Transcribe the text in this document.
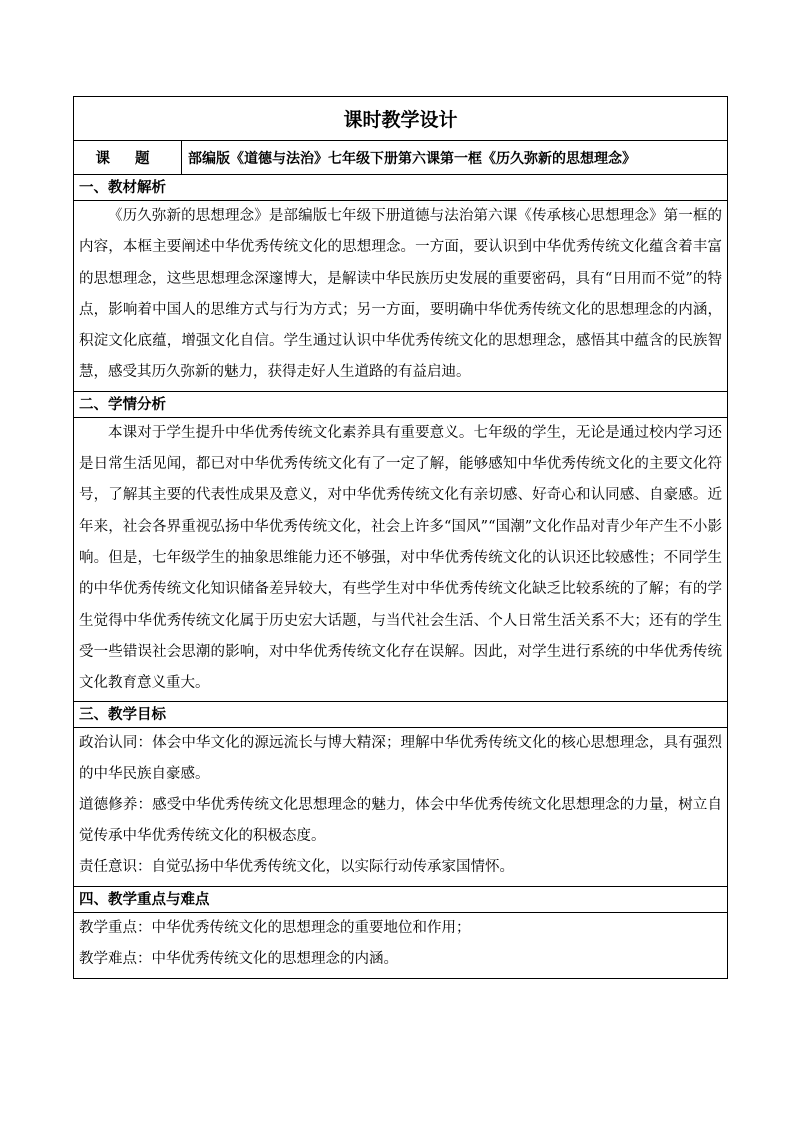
课时教学设计
课 题	部编版《道德与法治》七年级下册第六课第一框《历久弥新的思想理念》
一、教材解析

《历久弥新的思想理念》是部编版七年级下册道德与法治第六课《传承核心思想理念》第一框的内容，本框主要阐述中华优秀传统文化的思想理念。一方面，要认识到中华优秀传统文化蕴含着丰富的思想理念，这些思想理念深邃博大，是解读中华民族历史发展的重要密码，具有“日用而不觉”的特点，影响着中国人的思维方式与行为方式；另一方面，要明确中华优秀传统文化的思想理念的内涵，积淀文化底蕴，增强文化自信。学生通过认识中华优秀传统文化的思想理念，感悟其中蕴含的民族智慧，感受其历久弥新的魅力，获得走好人生道路的有益启迪。

二、学情分析

本课对于学生提升中华优秀传统文化素养具有重要意义。七年级的学生，无论是通过校内学习还是日常生活见闻，都已对中华优秀传统文化有了一定了解，能够感知中华优秀传统文化的主要文化符号，了解其主要的代表性成果及意义，对中华优秀传统文化有亲切感、好奇心和认同感、自豪感。近年来，社会各界重视弘扬中华优秀传统文化，社会上许多“国风”“国潮”文化作品对青少年产生不小影响。但是，七年级学生的抽象思维能力还不够强，对中华优秀传统文化的认识还比较感性；不同学生的中华优秀传统文化知识储备差异较大，有些学生对中华优秀传统文化缺乏比较系统的了解；有的学生觉得中华优秀传统文化属于历史宏大话题，与当代社会生活、个人日常生活关系不大；还有的学生受一些错误社会思潮的影响，对中华优秀传统文化存在误解。因此，对学生进行系统的中华优秀传统文化教育意义重大。

三、教学目标

政治认同：体会中华文化的源远流长与博大精深；理解中华优秀传统文化的核心思想理念，具有强烈的中华民族自豪感。

道德修养：感受中华优秀传统文化思想理念的魅力，体会中华优秀传统文化思想理念的力量，树立自觉传承中华优秀传统文化的积极态度。

责任意识：自觉弘扬中华优秀传统文化，以实际行动传承家国情怀。

四、教学重点与难点

教学重点：中华优秀传统文化的思想理念的重要地位和作用；

教学难点：中华优秀传统文化的思想理念的内涵。
